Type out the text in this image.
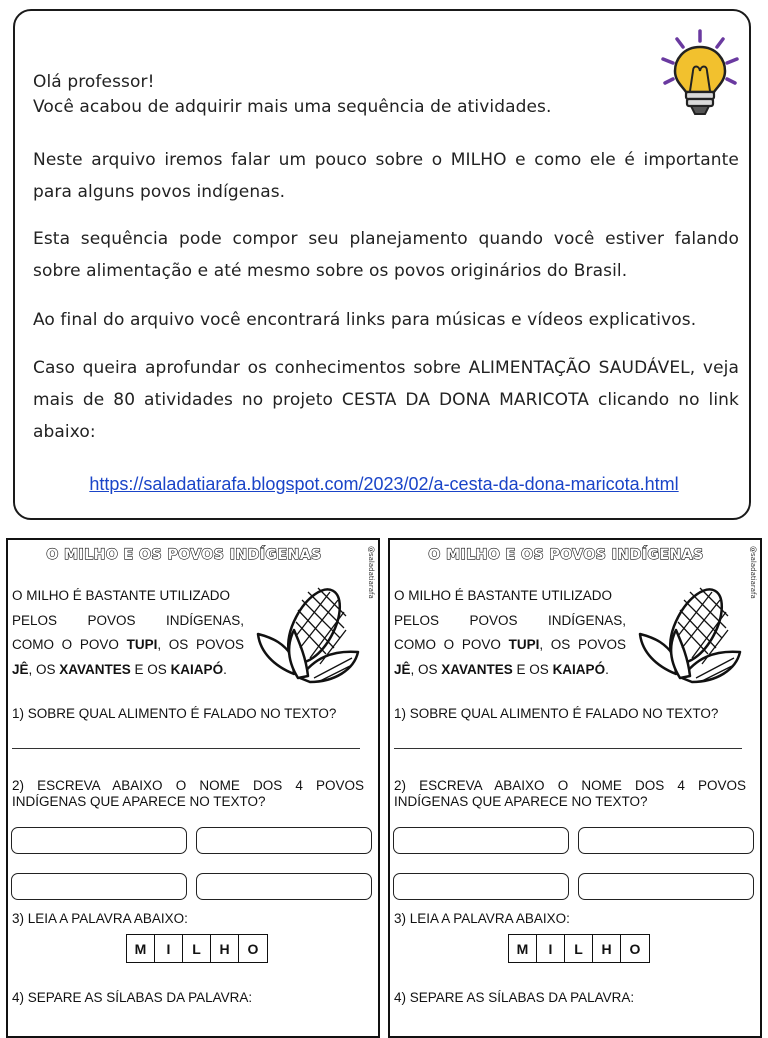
Olá professor!

Você acabou de adquirir mais uma sequência de atividades.

Neste arquivo iremos falar um pouco sobre o MILHO e como ele é importante para alguns povos indígenas.

Esta sequência pode compor seu planejamento quando você estiver falando sobre alimentação e até mesmo sobre os povos originários do Brasil.

Ao final do arquivo você encontrará links para músicas e vídeos explicativos.

Caso queira aprofundar os conhecimentos sobre ALIMENTAÇÃO SAUDÁVEL, veja mais de 80 atividades no projeto CESTA DA DONA MARICOTA clicando no link abaixo:

https://saladatiarafa.blogspot.com/2023/02/a-cesta-da-dona-maricota.html
O MILHO E OS POVOS INDÍGENAS	@saladatiarafa
O MILHO É BASTANTE UTILIZADO
PELOS POVOS INDÍGENAS,
COMO O POVO TUPI, OS POVOS
JÊ, OS XAVANTES E OS KAIAPÓ.
1) SOBRE QUAL ALIMENTO É FALADO NO TEXTO?
2) ESCREVA ABAIXO O NOME DOS 4 POVOS INDÍGENAS QUE APARECE NO TEXTO?
3) LEIA A PALAVRA ABAIXO:
M	I	L	H	O
4) SEPARE AS SÍLABAS DA PALAVRA:
O MILHO E OS POVOS INDÍGENAS	@saladatiarafa
O MILHO É BASTANTE UTILIZADO
PELOS POVOS INDÍGENAS,
COMO O POVO TUPI, OS POVOS
JÊ, OS XAVANTES E OS KAIAPÓ.
1) SOBRE QUAL ALIMENTO É FALADO NO TEXTO?
2) ESCREVA ABAIXO O NOME DOS 4 POVOS INDÍGENAS QUE APARECE NO TEXTO?
3) LEIA A PALAVRA ABAIXO:
M	I	L	H	O
4) SEPARE AS SÍLABAS DA PALAVRA:
